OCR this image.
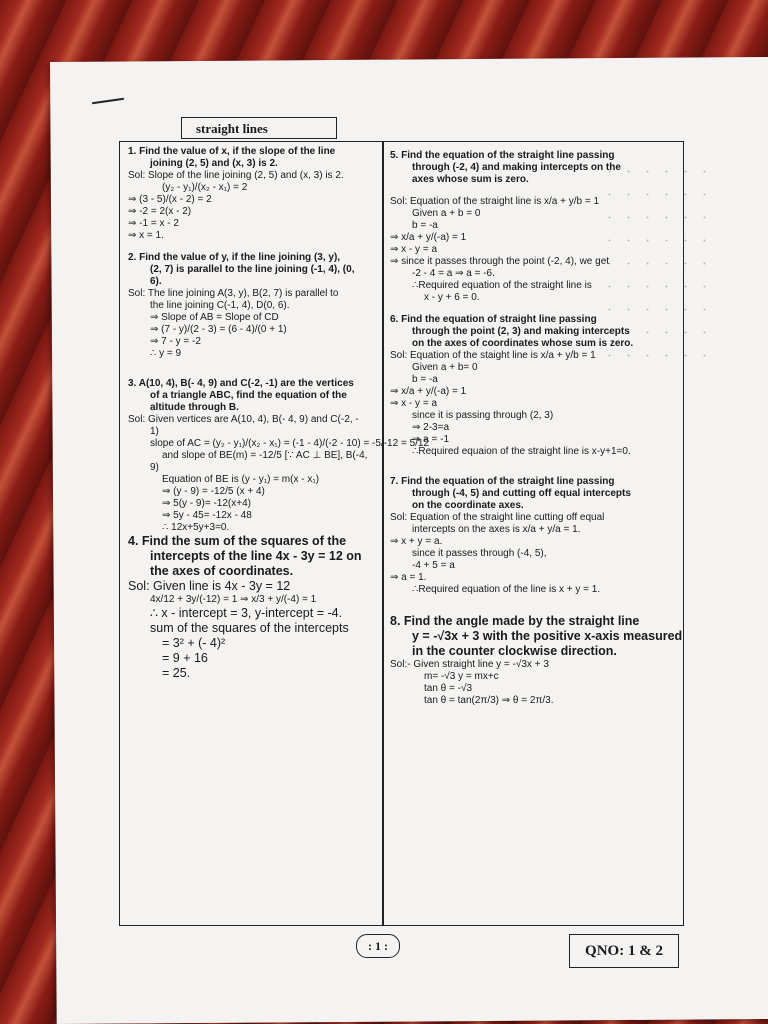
straight lines
1. Find the value of x, if the slope of the line
joining (2, 5) and (x, 3) is 2.
Sol: Slope of the line joining (2, 5) and (x, 3) is 2.
(y₂ - y₁)/(x₂ - x₁) = 2
⇒ (3 - 5)/(x - 2) = 2
⇒ -2 = 2(x - 2)
⇒ -1 = x - 2
⇒ x = 1.
2. Find the value of y, if the line joining (3, y),
(2, 7) is parallel to the line joining (-1, 4), (0,
6).
Sol: The line joining A(3, y), B(2, 7) is parallel to
the line joining C(-1, 4), D(0, 6).
⇒ Slope of AB = Slope of CD
⇒ (7 - y)/(2 - 3) = (6 - 4)/(0 + 1)
⇒ 7 - y = -2
∴ y = 9
3. A(10, 4), B(- 4, 9) and C(-2, -1) are the vertices
of a triangle ABC, find the equation of the
altitude through B.
Sol: Given vertices are A(10, 4), B(- 4, 9) and C(-2, -
1)
slope of AC = (y₂ - y₁)/(x₂ - x₁) = (-1 - 4)/(-2 - 10) = -5/-12 = 5/12
and slope of BE(m) = -12/5 [∵ AC ⊥ BE], B(-4,
9)
Equation of BE is (y - y₁) = m(x - x₁)
⇒ (y - 9) = -12/5 (x + 4)
⇒ 5(y - 9)= -12(x+4)
⇒ 5y - 45= -12x - 48
∴ 12x+5y+3=0.
4. Find the sum of the squares of the
intercepts of the line 4x - 3y = 12 on
the axes of coordinates.
Sol: Given line is 4x - 3y = 12
4x/12 + 3y/(-12) = 1 ⇒ x/3 + y/(-4) = 1
∴ x - intercept = 3, y-intercept = -4.
sum of the squares of the intercepts
= 3² + (- 4)²
= 9 + 16
= 25.
5. Find the equation of the straight line passing
through (-2, 4) and making intercepts on the
axes whose sum is zero.
Sol: Equation of the straight line is x/a + y/b = 1
Given a + b = 0
b = -a
⇒ x/a + y/(-a) = 1
⇒ x - y = a
⇒ since it passes through the point (-2, 4), we get
-2 - 4 = a ⇒ a = -6.
∴Required equation of the straight line is
x - y + 6 = 0.
6. Find the equation of straight line passing
through the point (2, 3) and making intercepts
on the axes of coordinates whose sum is zero.
Sol: Equation of the staight line is x/a + y/b = 1
Given a + b= 0
b = -a
⇒ x/a + y/(-a) = 1
⇒ x - y = a
since it is passing through (2, 3)
⇒ 2-3=a
⇒ a = -1
∴Required equaion of the straight line is x-y+1=0.
7. Find the equation of the straight line passing
through (-4, 5) and cutting off equal intercepts
on the coordinate axes.
Sol: Equation of the straight line cutting off equal
intercepts on the axes is x/a + y/a = 1.
⇒ x + y = a.
since it passes through (-4, 5),
-4 + 5 = a
⇒ a = 1.
∴Required equation of the line is x + y = 1.
8. Find the angle made by the straight line
y = -√3x + 3 with the positive x-axis measured
in the counter clockwise direction.
Sol:- Given straight line y = -√3x + 3
m= -√3 y = mx+c
tan θ = -√3
tan θ = tan(2π/3) ⇒ θ = 2π/3.
: 1 :	QNO: 1 & 2
